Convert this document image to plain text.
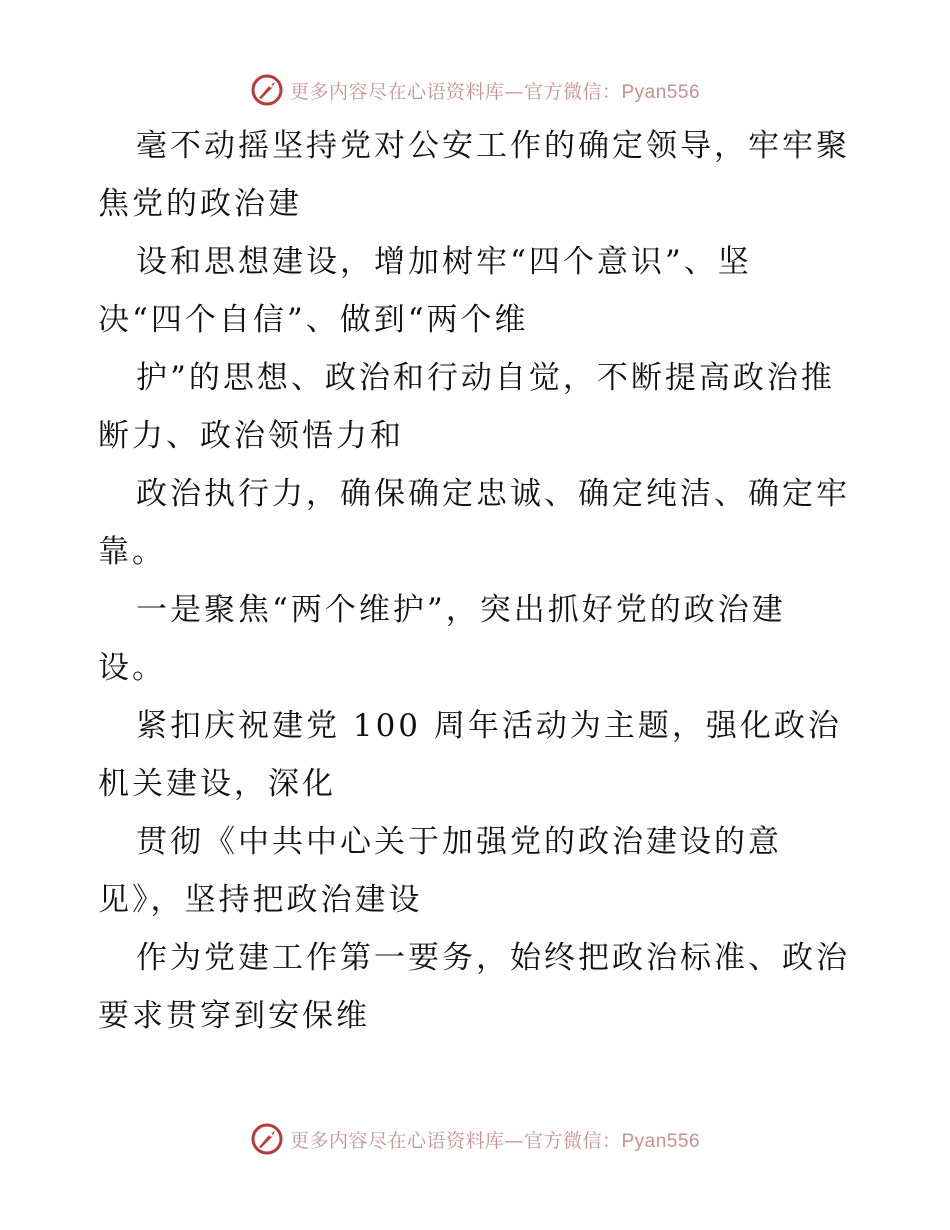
更多内容尽在心语资料库—官方微信：Pyan556
毫不动摇坚持党对公安工作的确定领导，牢牢聚
焦党的政治建
设和思想建设，增加树牢“四个意识”、坚
决“四个自信”、做到“两个维
护”的思想、政治和行动自觉，不断提高政治推
断力、政治领悟力和
政治执行力，确保确定忠诚、确定纯洁、确定牢
靠。
一是聚焦“两个维护”，突出抓好党的政治建
设。
紧扣庆祝建党 100 周年活动为主题，强化政治
机关建设，深化
贯彻《中共中心关于加强党的政治建设的意
见》，坚持把政治建设
作为党建工作第一要务，始终把政治标准、政治
要求贯穿到安保维
更多内容尽在心语资料库—官方微信：Pyan556
